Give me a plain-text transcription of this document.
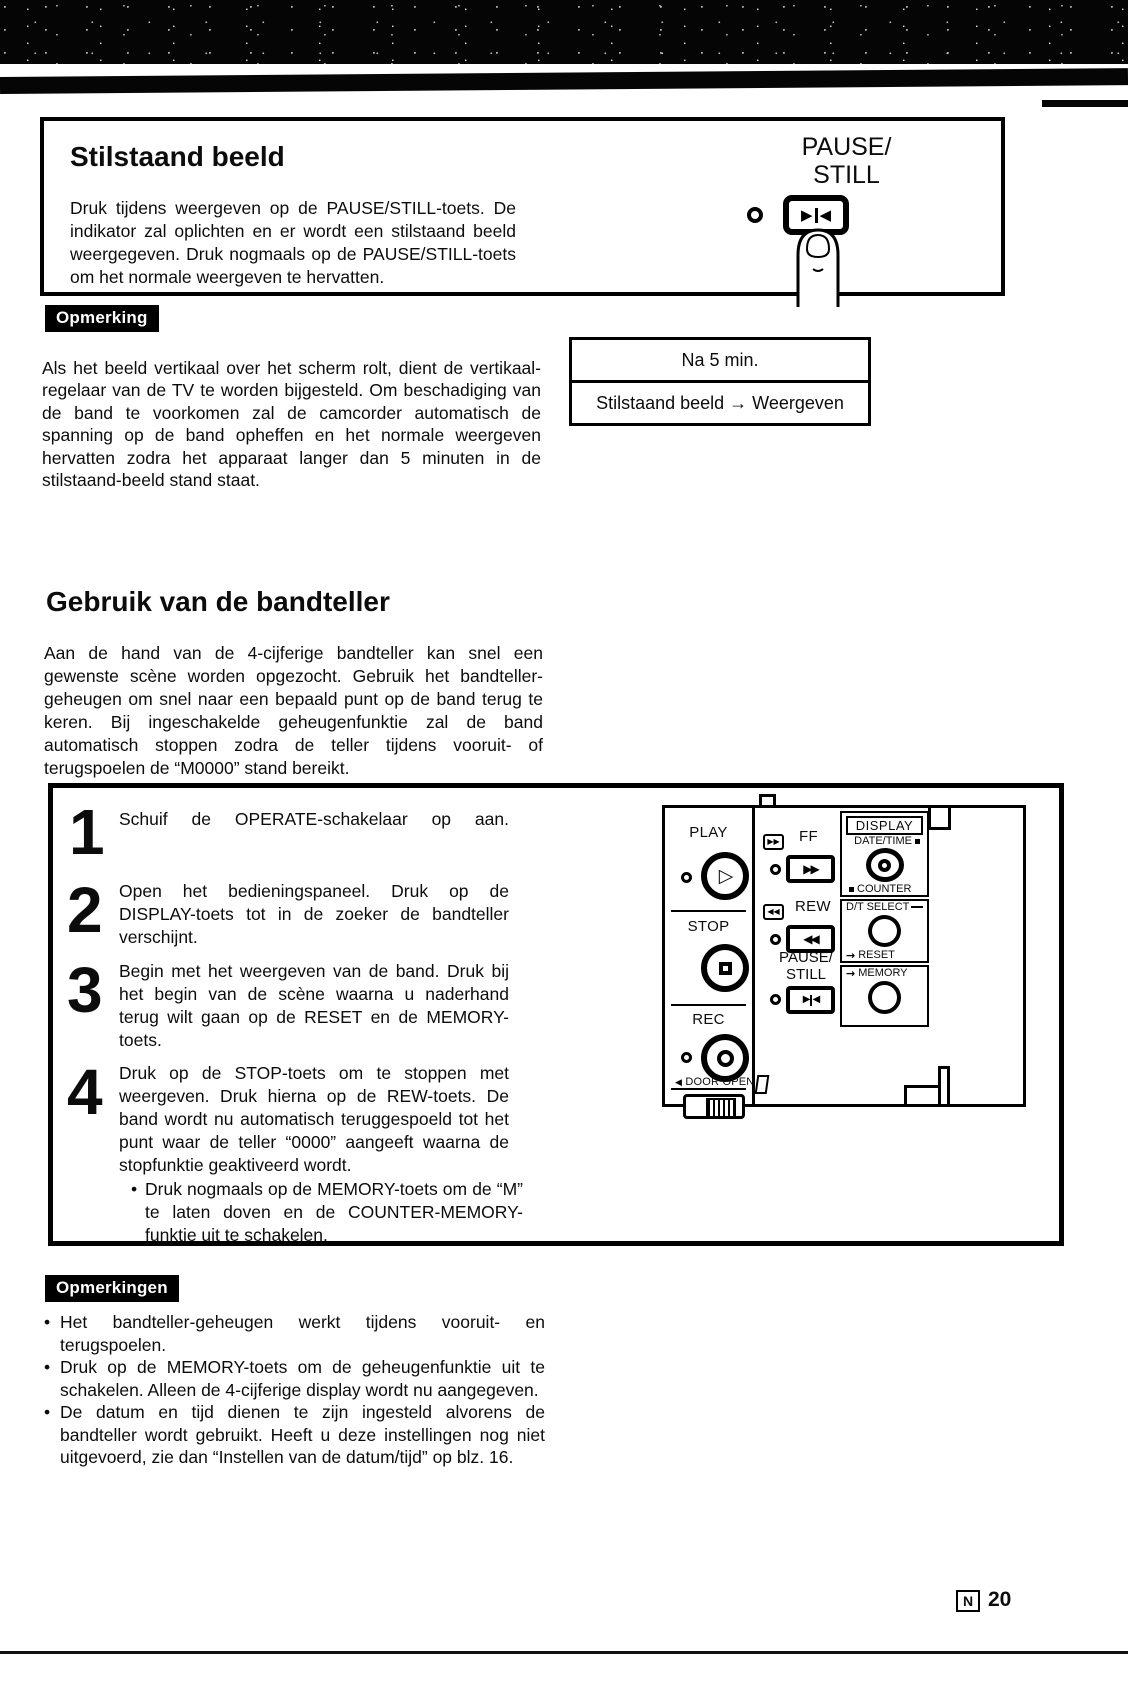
Stilstaand beeld

Druk tijdens weergeven op de PAUSE/STILL-toets. De indikator zal oplichten en er wordt een stilstaand beeld weergegeven. Druk nogmaals op de PAUSE/STILL-toets om het normale weergeven te hervatten.

PAUSE/
STILL
▶ ◀
Opmerking

Als het beeld vertikaal over het scherm rolt, dient de vertikaal-regelaar van de TV te worden bijgesteld. Om beschadiging van de band te voorkomen zal de camcorder automatisch de spanning op de band opheffen en het normale weergeven hervatten zodra het apparaat langer dan 5 minuten in de stilstaand-beeld stand staat.

Na 5 min.
Stilstaand beeld → Weergeven
Gebruik van de bandteller

Aan de hand van de 4-cijferige bandteller kan snel een gewenste scène worden opgezocht. Gebruik het bandteller-geheugen om snel naar een bepaald punt op de band terug te keren. Bij ingeschakelde geheugenfunktie zal de band automatisch stoppen zodra de teller tijdens vooruit- of terugspoelen de “M0000” stand bereikt.

1 Schuif de OPERATE-schakelaar op aan.
2 Open het bedieningspaneel. Druk op de DISPLAY-toets tot in de zoeker de bandteller verschijnt.
3 Begin met het weergeven van de band. Druk bij het begin van de scène waarna u naderhand terug wilt gaan op de RESET en de MEMORY-toets.
4 Druk op de STOP-toets om te stoppen met weergeven. Druk hierna op de REW-toets. De band wordt nu automatisch teruggespoeld tot het punt waar de teller “0000” aangeeft waarna de stopfunktie geaktiveerd wordt.
• Druk nogmaals op de MEMORY-toets om de “M” te laten doven en de COUNTER-MEMORY-funktie uit te schakelen.
PLAY
▷
STOP
REC
◀ DOOR OPEN
▶▶ FF
▶▶
◀◀ REW
◀◀
PAUSE/
STILL
▶ ◀
DISPLAY
DATE/TIME
COUNTER
D/T SELECT
→ RESET
→ MEMORY
Opmerkingen
• Het bandteller-geheugen werkt tijdens vooruit- en terugspoelen.
• Druk op de MEMORY-toets om de geheugenfunktie uit te schakelen. Alleen de 4-cijferige display wordt nu aangegeven.
• De datum en tijd dienen te zijn ingesteld alvorens de bandteller wordt gebruikt. Heeft u deze instellingen nog niet uitgevoerd, zie dan “Instellen van de datum/tijd” op blz. 16.
N 20
